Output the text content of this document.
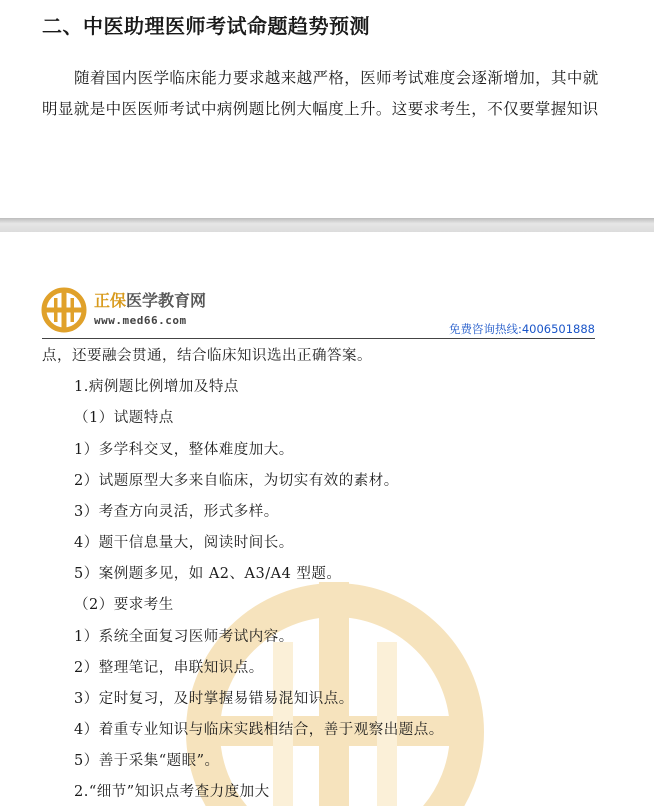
二、中医助理医师考试命题趋势预测
随着国内医学临床能力要求越来越严格，医师考试难度会逐渐增加，其中就
明显就是中医医师考试中病例题比例大幅度上升。这要求考生，不仅要掌握知识
正保医学教育网
www.med66.com
免费咨询热线:4006501888
点，还要融会贯通，结合临床知识选出正确答案。
1.病例题比例增加及特点
（1）试题特点
1）多学科交叉，整体难度加大。
2）试题原型大多来自临床，为切实有效的素材。
3）考查方向灵活，形式多样。
4）题干信息量大，阅读时间长。
5）案例题多见，如 A2、A3/A4 型题。
（2）要求考生
1）系统全面复习医师考试内容。
2）整理笔记，串联知识点。
3）定时复习，及时掌握易错易混知识点。
4）着重专业知识与临床实践相结合，善于观察出题点。
5）善于采集“题眼”。
2.“细节”知识点考查力度加大
